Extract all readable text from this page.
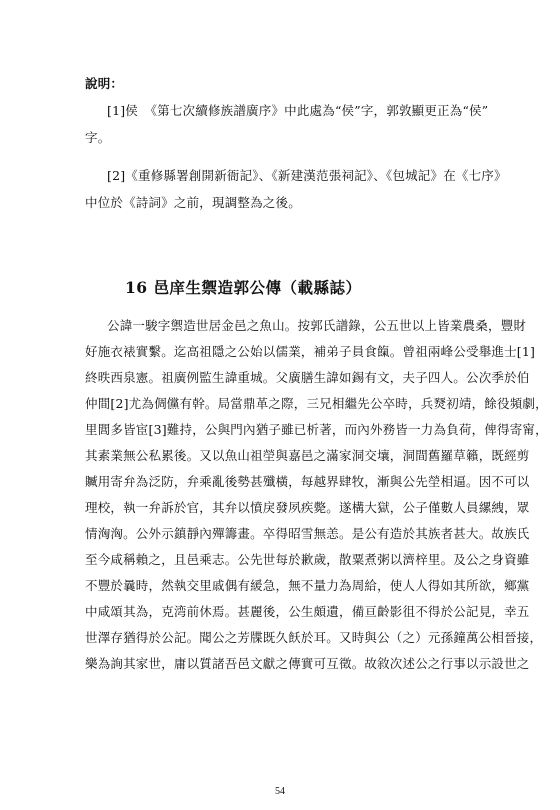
說明：
[1]侯　《第七次續修族譜廣序》中此處為“侯”字，郭敦顯更正為“侯”
字。
[2]《重修縣署創開新衙記》、《新建漢范張祠記》、《包城記》在《七序》
中位於《詩詞》之前，現調整為之後。
16 邑庠生禦造郭公傳（載縣誌）
公諱一駿字禦造世居金邑之魚山。按郭氏譜錄，公五世以上皆業農桑，豐財
好施衣裱實繫。迄高祖隱之公始以儒業，補弟子員食餼。曾祖兩峰公受舉進士[1]
終昳西泉憲。祖廣例監生諱重城。父廣膳生諱如錫有文，夫子四人。公次季於伯
仲間[2]尤為倜儻有幹。局當鼎革之際，三兄相繼先公卒時，兵燹初靖，餘役頻劇，
里閭多皆宦[3]難持，公與門內猶子雖已析著，而內外務皆一力為負荷，俾得寄甯，
其素業無公私累後。又以魚山祖塋與嘉邑之滿家洞交壤，洞間舊羅草籟，既經剪
贓用寄弁為泛防，弁乘亂後勢甚殲橫，每越界肆牧，漸與公先塋相逼。因不可以
理校，執一弁訴於官，其弁以憤戾發夙疾斃。遂構大獄，公子僅數人員縲絏，眾
情洶洶。公外示鎮靜內殫籌畫。卒得昭雪無恙。是公有造於其族者甚大。故族氏
至今咸稱賴之，且邑乘志。公先世每於歉歲，散粟煮粥以濟梓里。及公之身資雖
不豐於曩時，然執交里戚偶有緩急，無不量力為周給，使人人得如其所欲，鄉黨
中咸頌其為，克湾前休焉。甚麗後，公生頗遺，備亘齡影徂不得於公記見，幸五
世澤存猶得於公記。聞公之芳牒既久飫於耳。又時與公（之）元孫鐘萬公相晉接，
樂為詢其家世，庸以質諸吾邑文獻之傳實可互徵。故敘次述公之行事以示設世之
54
